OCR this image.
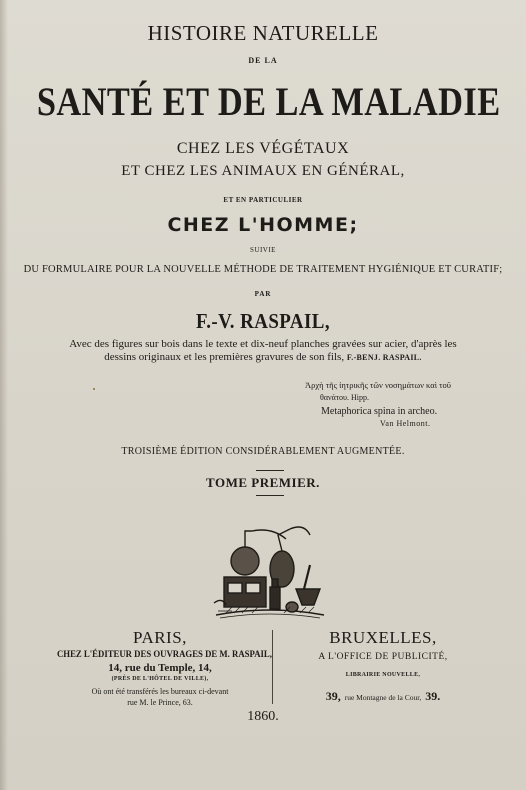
HISTOIRE NATURELLE
DE LA
SANTÉ ET DE LA MALADIE
CHEZ LES VÉGÉTAUX
ET CHEZ LES ANIMAUX EN GÉNÉRAL,
ET EN PARTICULIER
CHEZ L'HOMME;
SUIVIE
DU FORMULAIRE POUR LA NOUVELLE MÉTHODE DE TRAITEMENT HYGIÉNIQUE ET CURATIF;
PAR
F.-V. RASPAIL,
Avec des figures sur bois dans le texte et dix-neuf planches gravées sur acier, d'après les
dessins originaux et les premières gravures de son fils, F.-BENJ. RASPAIL.
Ἀρχὴ τῆς ἰητρικῆς τῶν νοσημάτων καὶ τοῦ
θανάτου. Hipp.
Metaphorica spina in archeo.
Van Helmont.
TROISIÈME ÉDITION CONSIDÉRABLEMENT AUGMENTÉE.
TOME PREMIER.
PARIS,
CHEZ L'ÉDITEUR DES OUVRAGES DE M. RASPAIL,
14, rue du Temple, 14,
(PRÈS DE L'HÔTEL DE VILLE),
Où ont été transférés les bureaux ci-devant
rue M. le Prince, 63.
BRUXELLES,
A L'OFFICE DE PUBLICITÉ,
LIBRAIRIE NOUVELLE,
39, rue Montagne de la Cour, 39.
1860.
